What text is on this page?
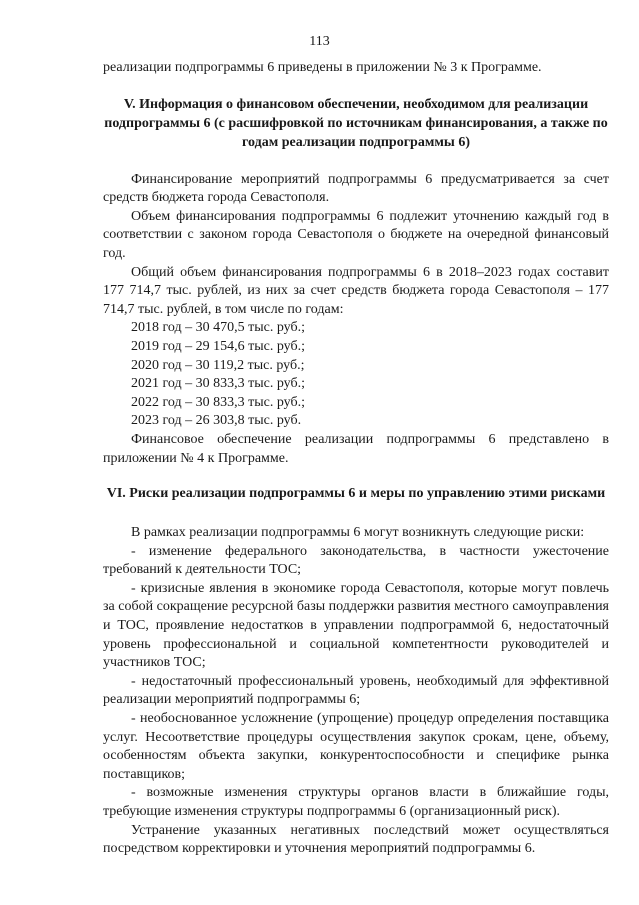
113

реализации подпрограммы 6 приведены в приложении № 3 к Программе.

V. Информация о финансовом обеспечении, необходимом для реализации подпрограммы 6 (с расшифровкой по источникам финансирования, а также по годам реализации подпрограммы 6)

Финансирование мероприятий подпрограммы 6 предусматривается за счет средств бюджета города Севастополя.

Объем финансирования подпрограммы 6 подлежит уточнению каждый год в соответствии с законом города Севастополя о бюджете на очередной финансовый год.

Общий объем финансирования подпрограммы 6 в 2018–2023 годах составит 177 714,7 тыс. рублей, из них за счет средств бюджета города Севастополя – 177 714,7 тыс. рублей, в том числе по годам:

2018 год – 30 470,5 тыс. руб.;

2019 год – 29 154,6 тыс. руб.;

2020 год – 30 119,2 тыс. руб.;

2021 год – 30 833,3 тыс. руб.;

2022 год – 30 833,3 тыс. руб.;

2023 год – 26 303,8 тыс. руб.

Финансовое обеспечение реализации подпрограммы 6 представлено в приложении № 4 к Программе.

VI. Риски реализации подпрограммы 6 и меры по управлению этими рисками

В рамках реализации подпрограммы 6 могут возникнуть следующие риски:

- изменение федерального законодательства, в частности ужесточение требований к деятельности ТОС;

- кризисные явления в экономике города Севастополя, которые могут повлечь за собой сокращение ресурсной базы поддержки развития местного самоуправления и ТОС, проявление недостатков в управлении подпрограммой 6, недостаточный уровень профессиональной и социальной компетентности руководителей и участников ТОС;

- недостаточный профессиональный уровень, необходимый для эффективной реализации мероприятий подпрограммы 6;

- необоснованное усложнение (упрощение) процедур определения поставщика услуг. Несоответствие процедуры осуществления закупок срокам, цене, объему, особенностям объекта закупки, конкурентоспособности и специфике рынка поставщиков;

- возможные изменения структуры органов власти в ближайшие годы, требующие изменения структуры подпрограммы 6 (организационный риск).

Устранение указанных негативных последствий может осуществляться посредством корректировки и уточнения мероприятий подпрограммы 6.
